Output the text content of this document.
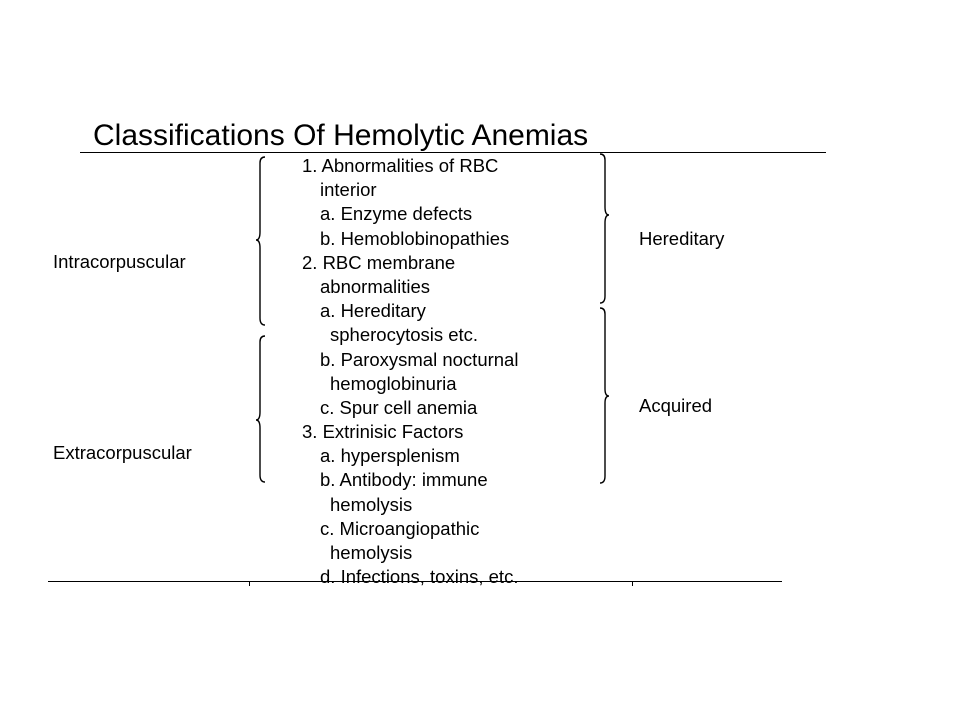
Classifications Of Hemolytic Anemias
Intracorpuscular
Extracorpuscular
Hereditary
Acquired
1. Abnormalities of RBC
interior
a. Enzyme defects
b. Hemoblobinopathies
2. RBC membrane
abnormalities
a. Hereditary
spherocytosis etc.
b. Paroxysmal nocturnal
hemoglobinuria
c. Spur cell anemia
3. Extrinisic Factors
a. hypersplenism
b. Antibody: immune
hemolysis
c. Microangiopathic
hemolysis
d. Infections, toxins, etc.
